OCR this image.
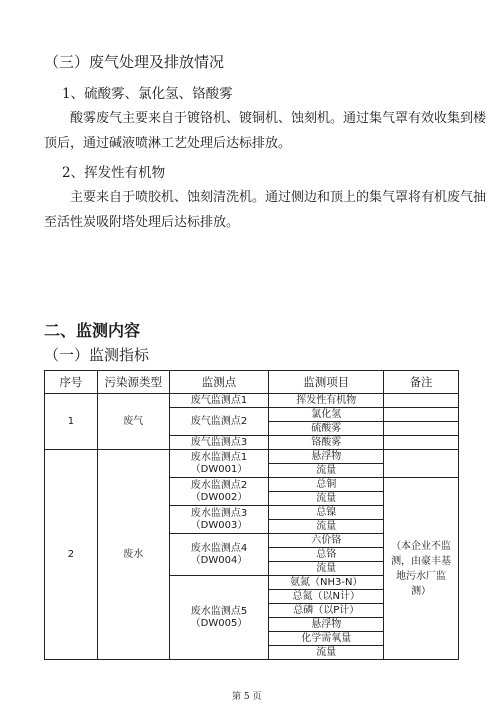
（三）废气处理及排放情况
1、硫酸雾、氯化氢、铬酸雾
酸雾废气主要来自于镀铬机、镀铜机、蚀刻机。通过集气罩有效收集到楼
顶后，通过碱液喷淋工艺处理后达标排放。
2、挥发性有机物
主要来自于喷胶机、蚀刻清洗机。通过侧边和顶上的集气罩将有机废气抽
至活性炭吸附塔处理后达标排放。
二、监测内容
（一）监测指标
序号	污染源类型	监测点	监测项目	备注
1	废气	废气监测点1	挥发性有机物	
		废气监测点2	氯化氢	
			硫酸雾	
		废气监测点3	铬酸雾	
2	废水	废水监测点1 （DW001）	悬浮物	
			流量	
		废水监测点2（DW002）	总铜	（本企业不监测，由豪丰基地污水厂监测）
			流量	
		废水监测点3 （DW003）	总镍	
			流量	
		废水监测点4（DW004）	六价铬	
			总铬	
			流量	
		废水监测点5 （DW005）	氨氮（NH3-N）	
			总氮（以N计）	
			总磷（以P计）	
			悬浮物	
			化学需氧量	
			流量	
第 5 页
